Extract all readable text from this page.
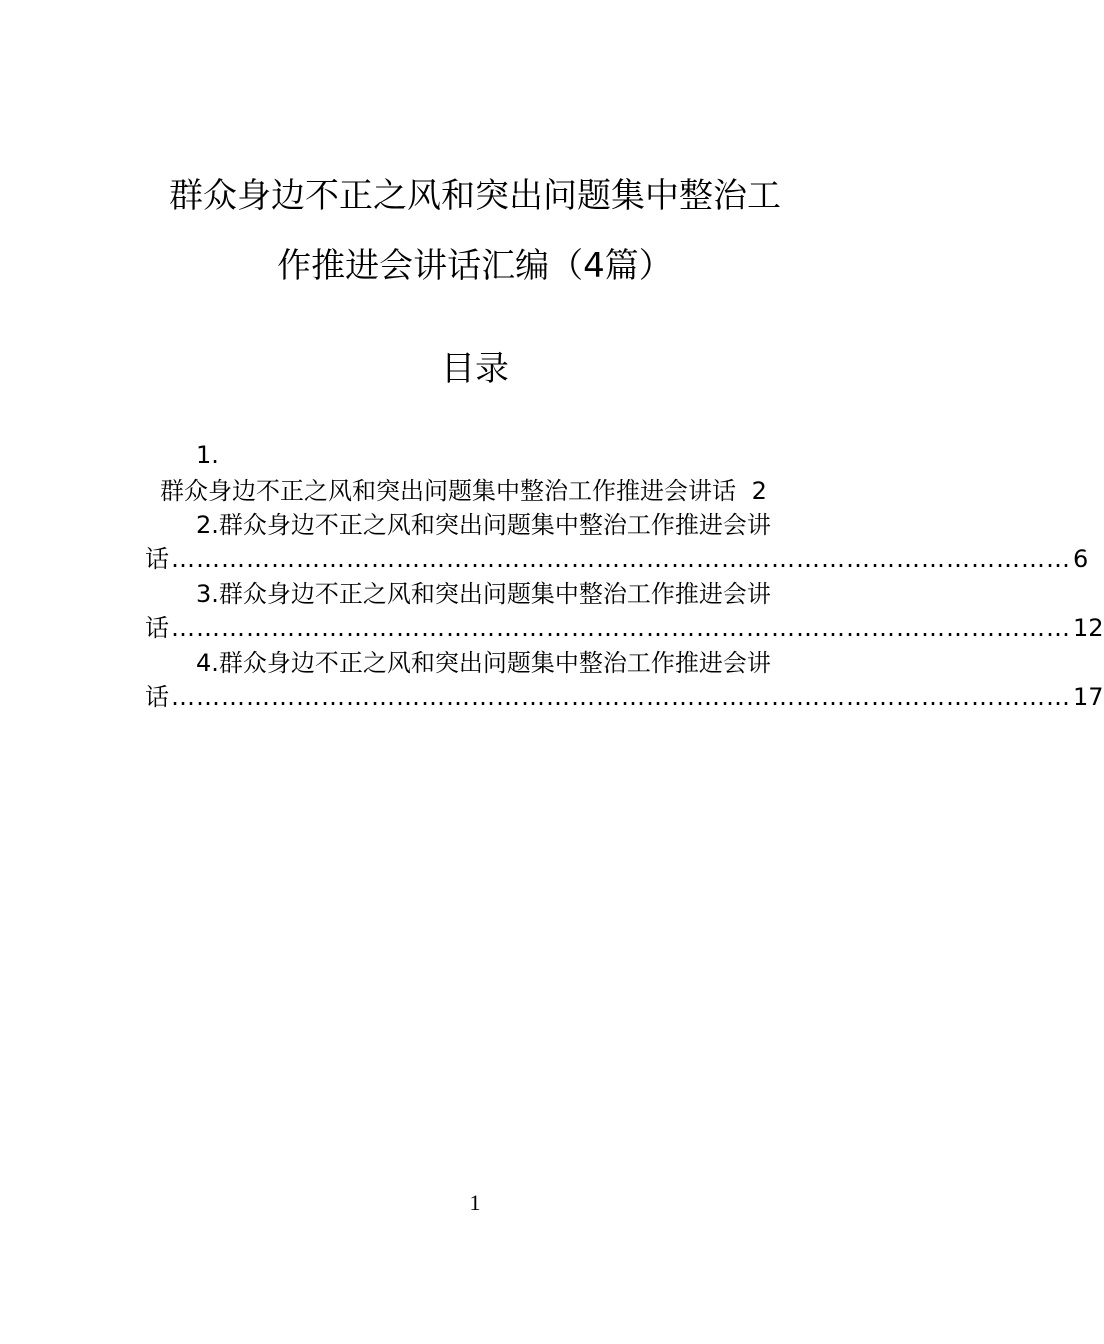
群众身边不正之风和突出问题集中整治工
作推进会讲话汇编（4篇）
目录
1.
群众身边不正之风和突出问题集中整治工作推进会讲话 2
2.群众身边不正之风和突出问题集中整治工作推进会讲
话 ……………………………………………………………………………………………… 6
3.群众身边不正之风和突出问题集中整治工作推进会讲
话 ……………………………………………………………………………………………… 12
4.群众身边不正之风和突出问题集中整治工作推进会讲
话 ……………………………………………………………………………………………… 17
1
